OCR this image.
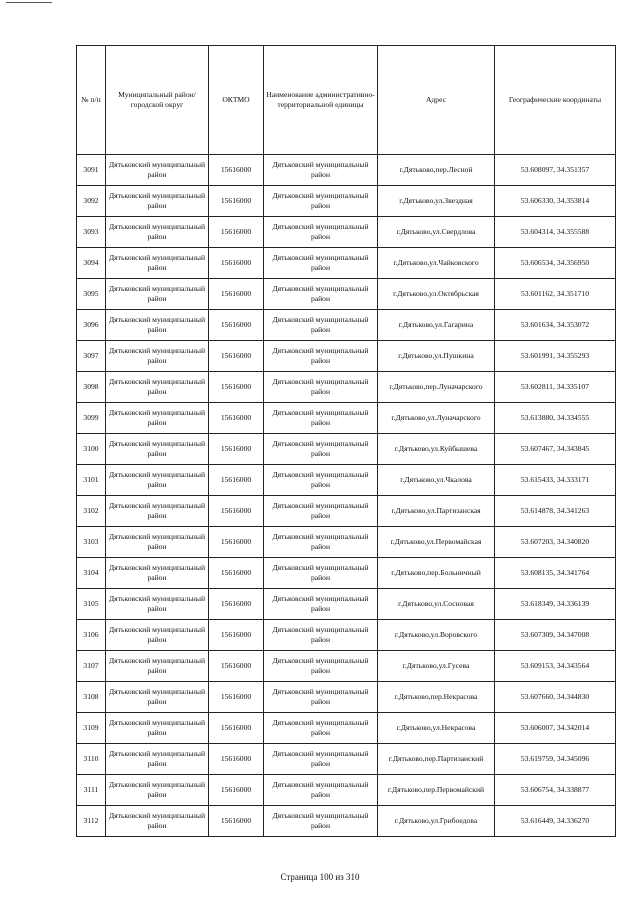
№ п/п	Муниципальный район/городской округ	ОКТМО	Наименование административно-территориальной единицы	Адрес	Географические координаты
3091	Дятьковский муниципальный район	15616000	Дятьковский муниципальный район	г.Дятьково,пер.Лесной	53.608097, 34.351357
3092	Дятьковский муниципальный район	15616000	Дятьковский муниципальный район	г.Дятьково,ул.Звездная	53.606330, 34.353814
3093	Дятьковский муниципальный район	15616000	Дятьковский муниципальный район	г.Дятьково,ул.Свердлова	53.604314, 34.355588
3094	Дятьковский муниципальный район	15616000	Дятьковский муниципальный район	г.Дятьково,ул.Чайковского	53.606534, 34.356950
3095	Дятьковский муниципальный район	15616000	Дятьковский муниципальный район	г.Дятьково,ул.Октябрьская	53.601162, 34.351710
3096	Дятьковский муниципальный район	15616000	Дятьковский муниципальный район	г.Дятьково,ул.Гагарина	53.601634, 34.353072
3097	Дятьковский муниципальный район	15616000	Дятьковский муниципальный район	г.Дятьково,ул.Пушкина	53.601991, 34.355293
3098	Дятьковский муниципальный район	15616000	Дятьковский муниципальный район	г.Дятьково,пер.Луначарского	53.602811, 34.335107
3099	Дятьковский муниципальный район	15616000	Дятьковский муниципальный район	г.Дятьково,ул.Луначарского	53.613880, 34.334555
3100	Дятьковский муниципальный район	15616000	Дятьковский муниципальный район	г.Дятьково,ул.Куйбышева	53.607467, 34.343845
3101	Дятьковский муниципальный район	15616000	Дятьковский муниципальный район	г.Дятьково,ул.Чкалова	53.615433, 34.333171
3102	Дятьковский муниципальный район	15616000	Дятьковский муниципальный район	г.Дятьково,ул.Партизанская	53.614878, 34.341263
3103	Дятьковский муниципальный район	15616000	Дятьковский муниципальный район	г.Дятьково,ул.Первомайская	53.607203, 34.340820
3104	Дятьковский муниципальный район	15616000	Дятьковский муниципальный район	г.Дятьково,пер.Больничный	53.608135, 34.341764
3105	Дятьковский муниципальный район	15616000	Дятьковский муниципальный район	г.Дятьково,ул.Сосновая	53.618349, 34.336139
3106	Дятьковский муниципальный район	15616000	Дятьковский муниципальный район	г.Дятьково,ул.Воровского	53.607309, 34.347008
3107	Дятьковский муниципальный район	15616000	Дятьковский муниципальный район	г.Дятьково,ул.Гусева	53.609153, 34.343564
3108	Дятьковский муниципальный район	15616000	Дятьковский муниципальный район	г.Дятьково,пер.Некрасова	53.607660, 34.344830
3109	Дятьковский муниципальный район	15616000	Дятьковский муниципальный район	г.Дятьково,ул.Некрасова	53.606007, 34.342014
3110	Дятьковский муниципальный район	15616000	Дятьковский муниципальный район	г.Дятьково,пер.Партизанский	53.619759, 34.345096
3111	Дятьковский муниципальный район	15616000	Дятьковский муниципальный район	г.Дятьково,пер.Первомайский	53.606754, 34.338877
3112	Дятьковский муниципальный район	15616000	Дятьковский муниципальный район	г.Дятьково,ул.Грибоедова	53.616449, 34.336270
Страница 100 из 310
